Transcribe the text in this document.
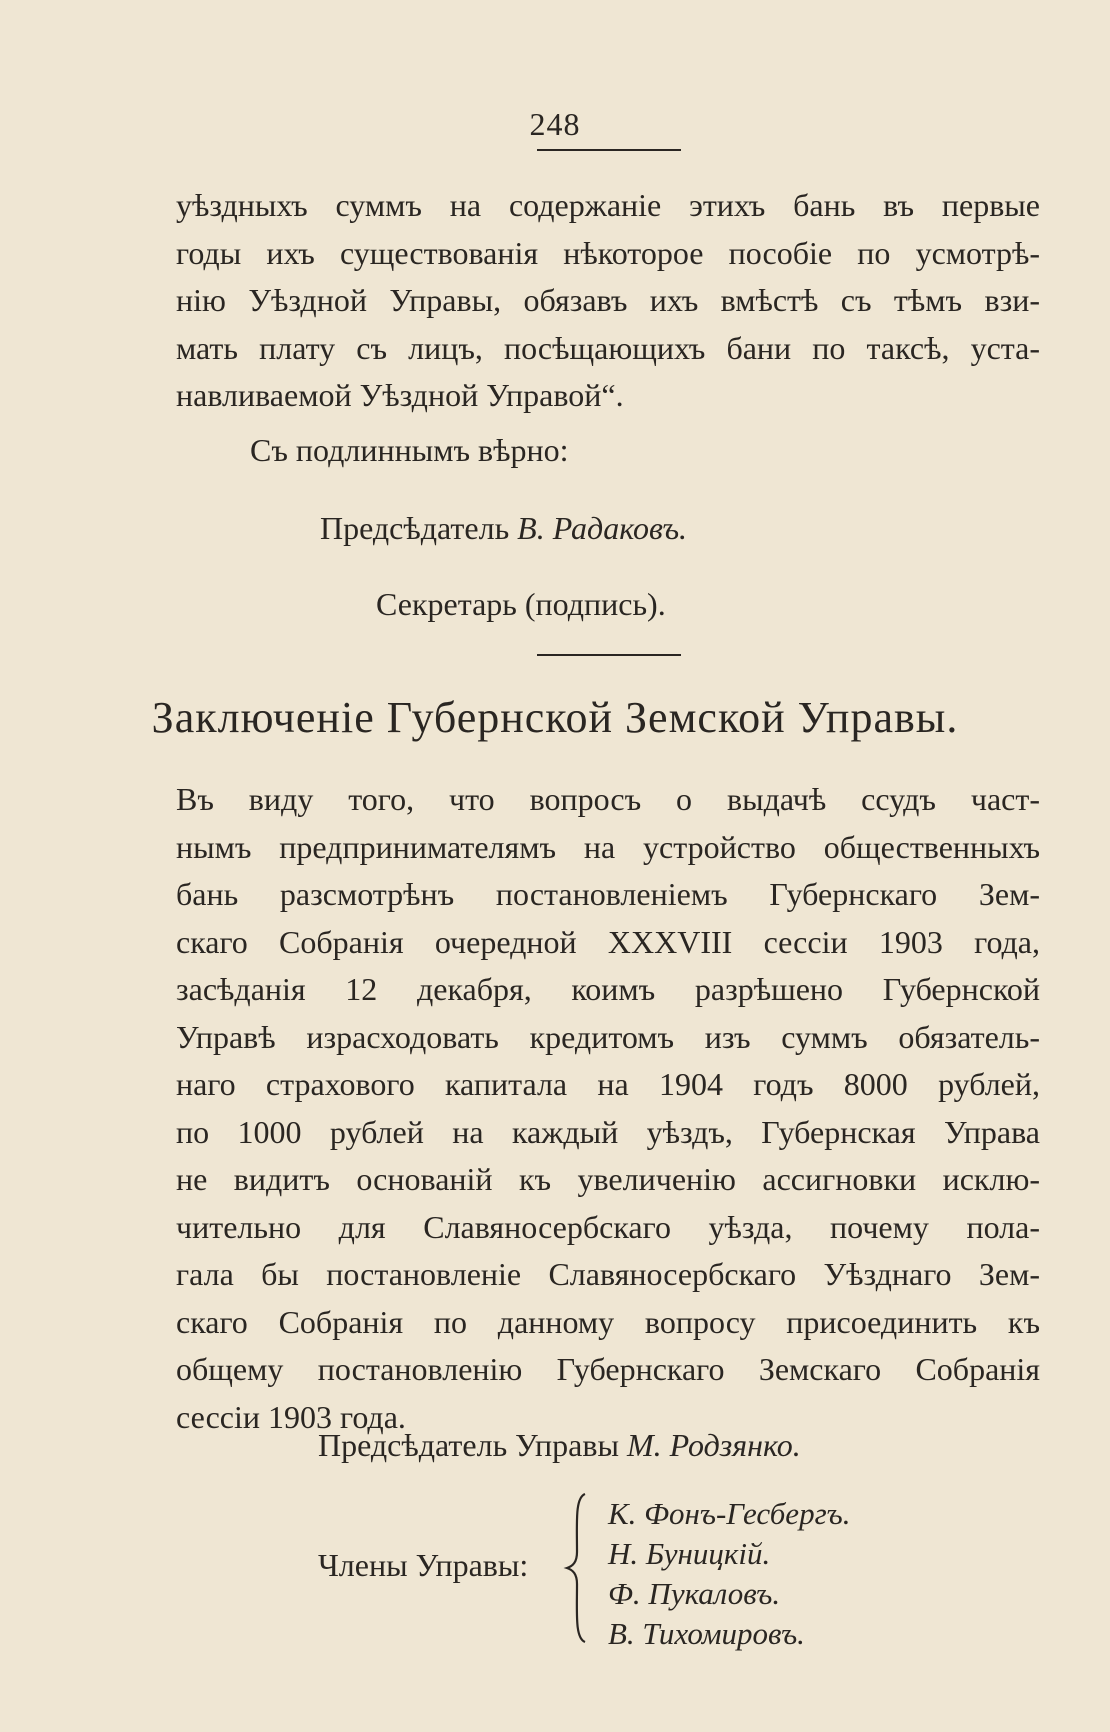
248
уѣздныхъ суммъ на содержаніе этихъ бань въ первые
годы ихъ существованія нѣкоторое пособіе по усмотрѣ-
нію Уѣздной Управы, обязавъ ихъ вмѣстѣ съ тѣмъ взи-
мать плату съ лицъ, посѣщающихъ бани по таксѣ, уста-
навливаемой Уѣздной Управой“.
Съ подлиннымъ вѣрно:
Предсѣдатель В. Радаковъ.
Секретарь (подпись).
Заключеніе Губернской Земской Управы.
Въ виду того, что вопросъ о выдачѣ ссудъ част-
нымъ предпринимателямъ на устройство общественныхъ
бань разсмотрѣнъ постановленіемъ Губернскаго Зем-
скаго Собранія очередной XXXVIII сессіи 1903 года,
засѣданія 12 декабря, коимъ разрѣшено Губернской
Управѣ израсходовать кредитомъ изъ суммъ обязатель-
наго страхового капитала на 1904 годъ 8000 рублей,
по 1000 рублей на каждый уѣздъ, Губернская Управа
не видитъ основаній къ увеличенію ассигновки исклю-
чительно для Славяносербскаго уѣзда, почему пола-
гала бы постановленіе Славяносербскаго Уѣзднаго Зем-
скаго Собранія по данному вопросу присоединить къ
общему постановленію Губернскаго Земскаго Собранія
сессіи 1903 года.
Предсѣдатель Управы М. Родзянко.
Члены Управы:
К. Фонъ-Гесбергъ.
Н. Буницкій.
Ф. Пукаловъ.
В. Тихомировъ.
